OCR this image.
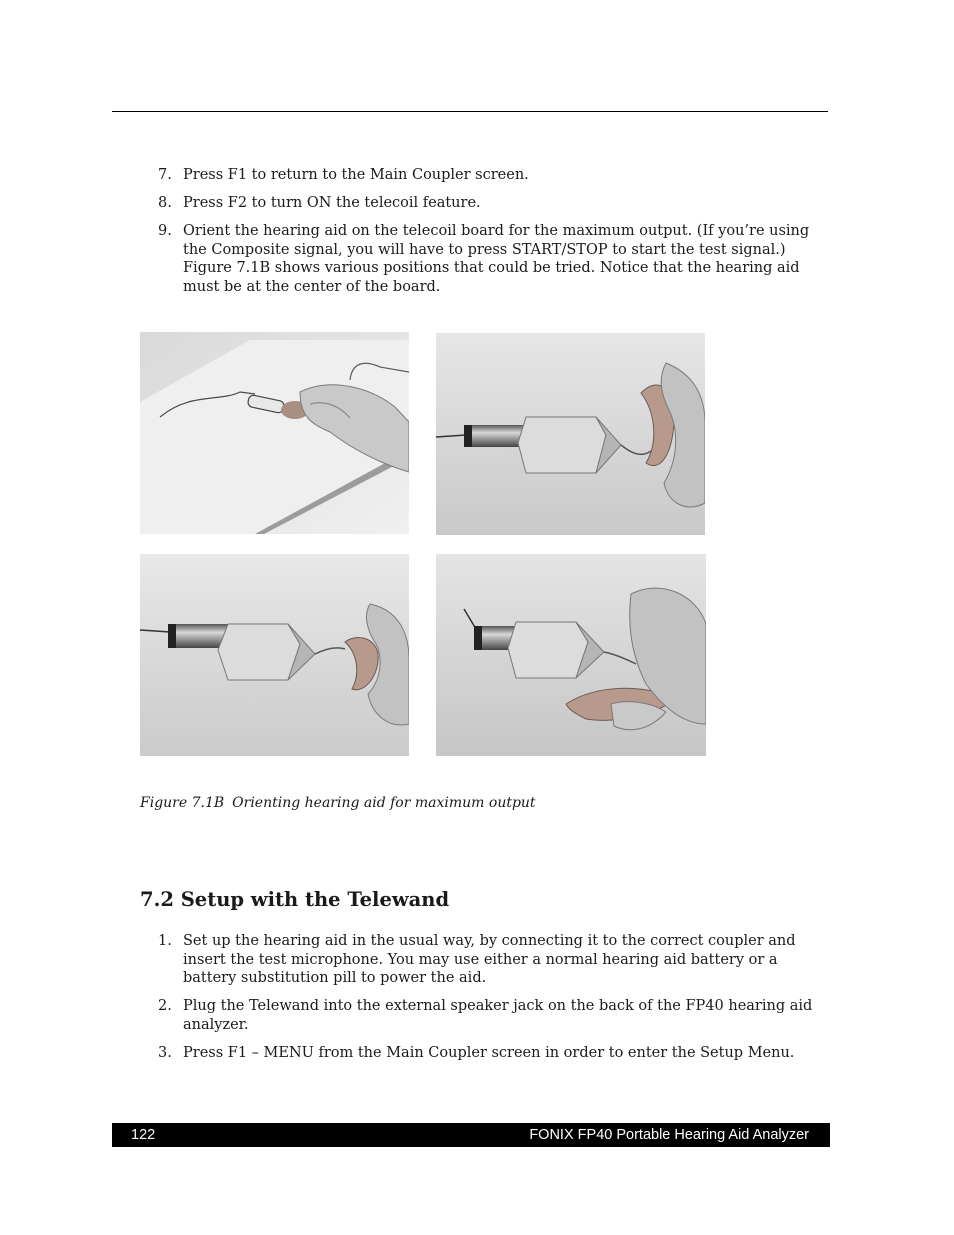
7. Press F1 to return to the Main Coupler screen.
8. Press F2 to turn ON the telecoil feature.
9. Orient the hearing aid on the telecoil board for the maximum output. (If you’re using the Composite signal, you will have to press START/STOP to start the test signal.) Figure 7.1B shows various positions that could be tried. Notice that the hearing aid must be at the center of the board.
Figure 7.1B Orienting hearing aid for maximum output
7.2 Setup with the Telewand
1. Set up the hearing aid in the usual way, by connecting it to the correct coupler and insert the test microphone. You may use either a normal hearing aid battery or a battery substitution pill to power the aid.
2. Plug the Telewand into the external speaker jack on the back of the FP40 hearing aid analyzer.
3. Press F1 – MENU from the Main Coupler screen in order to enter the Setup Menu.
122	FONIX FP40 Portable Hearing Aid Analyzer
